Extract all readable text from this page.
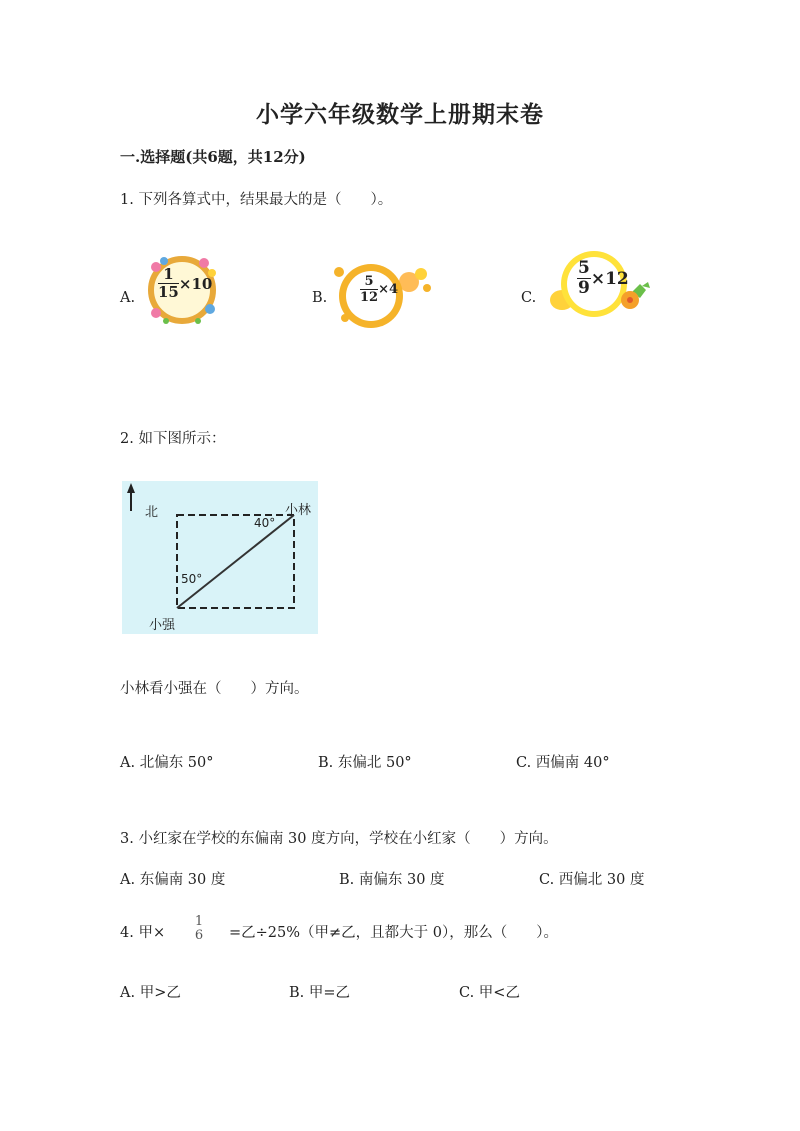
小学六年级数学上册期末卷
一.选择题(共6题，共12分)
1. 下列各算式中，结果最大的是（　　）。
A. $\frac{1}{15} \times 10$
B.	$\frac{5}{12} \times 4$
C.
$\frac{5}{9} \times 12$
2. 如下图所示：
北	小林
40°
50°
小强
小林看小强在（　　）方向。
A. 北偏东 50°	B. 东偏北 50°	C. 西偏南 40°
3. 小红家在学校的东偏南 30 度方向，学校在小红家（　　）方向。
A. 东偏南 30 度	B. 南偏东 30 度	C. 西偏北 30 度
4. 甲×
1
6 =乙÷25%（甲≠乙，且都大于 0），那么（　　）。
A. 甲>乙	B. 甲=乙	C. 甲<乙
